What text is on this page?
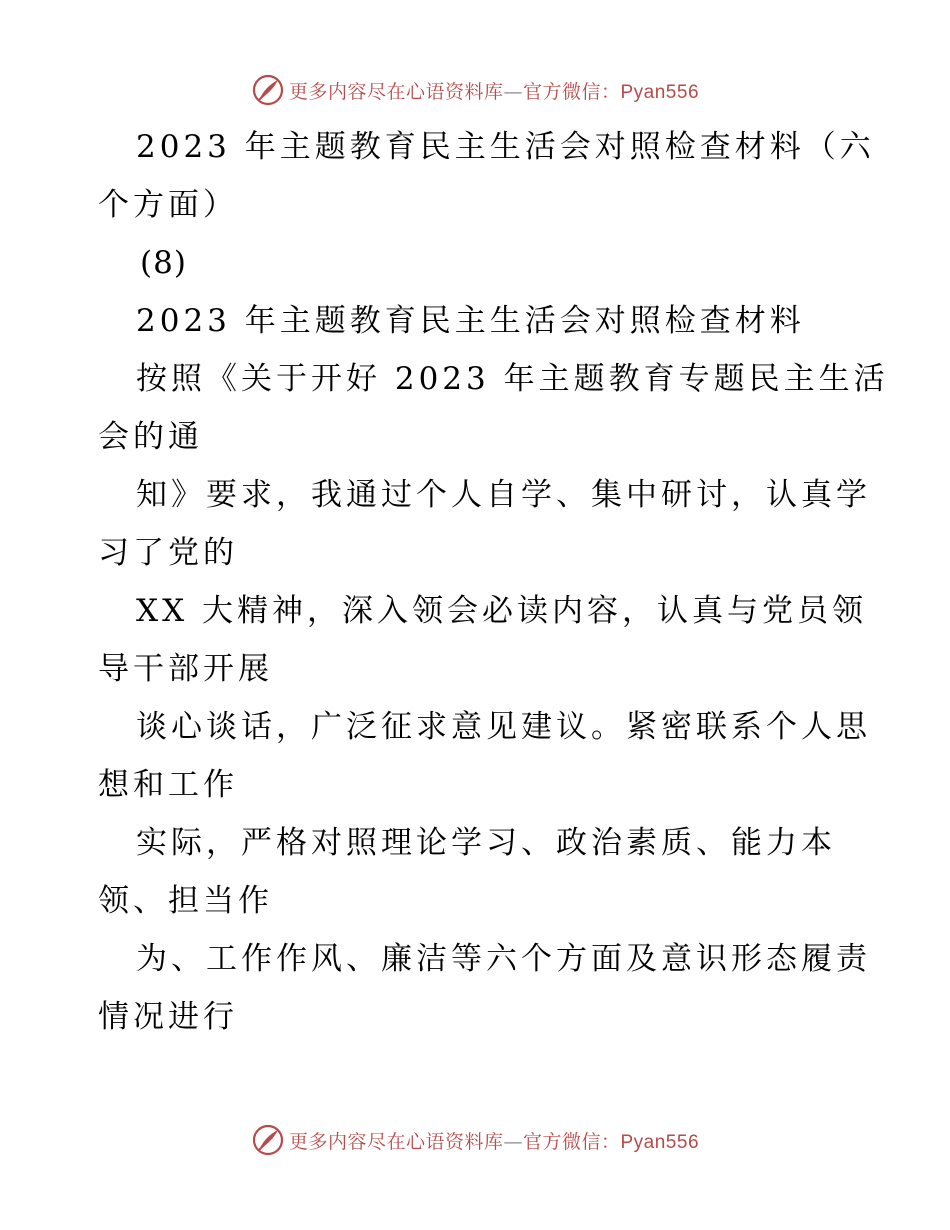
更多内容尽在心语资料库—官方微信：Pyan556
2023 年主题教育民主生活会对照检查材料（六
个方面）
(8)
2023 年主题教育民主生活会对照检查材料
按照《关于开好 2023 年主题教育专题民主生活
会的通
知》要求，我通过个人自学、集中研讨，认真学
习了党的
XX 大精神，深入领会必读内容，认真与党员领
导干部开展
谈心谈话，广泛征求意见建议。紧密联系个人思
想和工作
实际，严格对照理论学习、政治素质、能力本
领、担当作
为、工作作风、廉洁等六个方面及意识形态履责
情况进行
更多内容尽在心语资料库—官方微信：Pyan556
